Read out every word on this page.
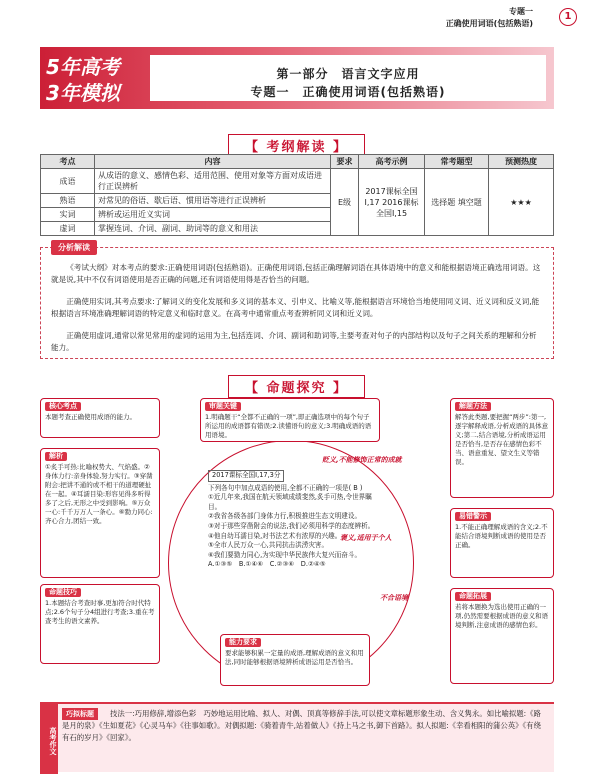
专题一
正确使用词语(包括熟语)
1
5年高考
3年模拟
第一部分　语言文字应用
专题一　正确使用词语(包括熟语)
【 考纲解读 】
考点	内容	要求	高考示例	常考题型	预测热度
成语	从成语的意义、感情色彩、适用范围、使用对象等方面对成语进行正误辨析	E级	2017课标全国Ⅰ,17 2016课标全国Ⅰ,15	选择题 填空题	★★★
熟语	对常见的俗语、歇后语、惯用语等进行正误辨析				
实词	辨析或运用近义实词				
虚词	掌握连词、介词、副词、助词等的意义和用法				
分析解读

《考试大纲》对本考点的要求:正确使用词语(包括熟语)。正确使用词语,包括正确理解词语在具体语境中的意义和能根据语境正确选用词语。这就是说,其中不仅有词语使用是否正确的问题,还有词语使用得是否恰当的问题。

正确使用实词,其考点要求:了解词义的变化发展和多义词的基本义、引申义、比喻义等,能根据语言环境恰当地使用同义词、近义词和反义词,能根据语言环境准确理解词语的特定意义和临时意义。在高考中通常重点考查辨析同义词和近义词。

正确使用虚词,通常以常见常用的虚词的运用为主,包括连词、介词、副词和助词等,主要考查对句子的内部结构以及句子之间关系的理解和分析能力。

【 命题探究 】
核心考点
本题考查正确使用成语的能力。
审题关键
1.明确题干“全都不正确的一项”,即正确选项中的每个句子所运用的成语都有错误;2.读懂语句的意义;3.明确成语的语用语境。
解题方法
解答此类题,要把握“两步”:第一,逐字解释成语,分析成语的具体意义;第二,结合语境,分析成语运用是否恰当,是否存在感情色彩不当、语意重复、望文生义等错误。
解析
①炙手可热:比喻权势大、气焰盛。②身体力行:亲身体验,努力实行。③穿凿附会:把讲不通的或不相干的道理硬扯在一起。④耳濡目染:形容见得多听得多了之后,无形之中受到影响。⑤万众一心:千千万万人一条心。⑥勠力同心:齐心合力,团结一致。
命题技巧
1.本题结合考查时事,更加符合时代特点;2.6个句子分4组进行考查;3.重在考查考生的语文素养。
易错警示
1.不能正确理解成语的含义;2.不能结合语境判断成语的使用是否正确。
命题拓展
若将本题换为选出使用正确的一项,仍然需要根据成语的意义和语境判断,注意成语的感情色彩。
能力要求
要求能够积累一定量的成语,理解成语的意义和用法,同时能够根据语境辨析成语运用是否恰当。
2017课标全国Ⅰ,17,3分
下列各句中加点成语的使用,全都不正确的一项是( B )
①近几年来,我国在航天领域成绩斐然,炙手可热,令世界瞩目。
②我省各级各部门身体力行,积极推进生态文明建设。
③对于那些穿凿附会的说法,我们必须用科学的态度辨析。
④他自幼耳濡目染,对书法艺术有浓厚的兴趣。
⑤全市人民万众一心,共同抗击洪涝灾害。
⑥我们要勠力同心,为实现中华民族伟大复兴而奋斗。
A.①③⑤　B.①④⑥　C.②③⑥　D.②④⑤
贬义,不能修饰正常的成就
褒义,适用于个人
不合语境
高考作文
巧拟标题	技法一:巧用修辞,增添色彩　巧妙地运用比喻、拟人、对偶、顶真等修辞手法,可以使文章标题形象生动、含义隽永。如比喻拟题:《路是月的泉》《生如夏花》《心灵马车》《往事如歌》。对偶拟题:《骑着青牛,站着做人》《持上马之书,御下首路》。拟人拟题:《幸看相阳的蒲公英》《有绕有石的岁月》《回家》。
